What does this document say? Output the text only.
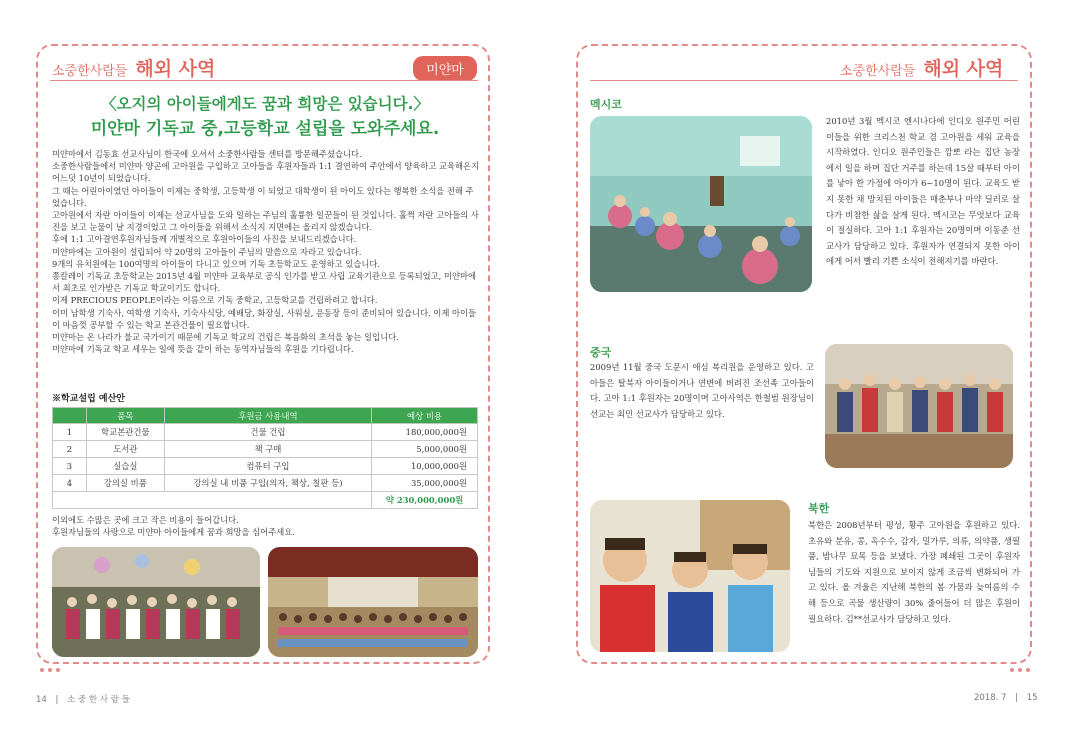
소중한사람들 해외 사역	미얀마
〈오지의 아이들에게도 꿈과 희망은 있습니다.〉
미얀마 기독교 중,고등학교 설립을 도와주세요.
미얀마에서 김동효 선교사님이 한국에 오셔서 소중한사람들 센터를 방문해주셨습니다.
소중한사람들에서 미얀마 양곤에 고아원을 구입하고 고아들을 후원자들과 1:1 결연하여 주안에서 양육하고 교육해온지 어느덧 10년이 되었습니다.
그 때는 어린아이였던 아이들이 이제는 중학생, 고등학생 이 되었고 대학생이 된 아이도 있다는 행복한 소식을 전해 주었습니다.
고아원에서 자란 아이들이 이제는 선교사님을 도와 일하는 주님의 훌륭한 일꾼들이 된 것입니다. 훌쩍 자란 고아들의 사진을 보고 눈물이 날 지경이었고 그 아이들을 위해서 소식지 지면에는 올리지 않겠습니다.
후에 1:1 고아결연후원자님들께 개별적으로 후원아이들의 사진을 보내드리겠습니다.
미얀마에는 고아원이 설립되어 약 20명의 고아들이 주님의 말씀으로 자라고 있습니다.
9개의 유치원에는 100여명의 아이들이 다니고 있으며 기독 초등학교도 운영하고 있습니다.
쫑칼레이 기독교 초등학교는 2015년 4월 미얀마 교육부로 공식 인가를 받고 사립 교육기관으로 등록되었고, 미얀마에서 최초로 인가받은 기독교 학교이기도 합니다.
이제 PRECIOUS PEOPLE이라는 이름으로 기독 중학교, 고등학교를 건립하려고 합니다.
이미 남학생 기숙사, 여학생 기숙사, 기숙사식당, 예배당, 화장실, 사워실, 운동장 등이 준비되어 있습니다. 이제 아이들이 마음껏 공부할 수 있는 학교 본관건물이 필요합니다.
미얀마는 온 나라가 불교 국가이기 때문에 기독교 학교의 건립은 복음화의 초석을 놓는 일입니다.
미얀마에 기독교 학교 세우는 일에 뜻을 같이 하는 동역자님들의 후원을 기다립니다.
※학교설립 예산안
	품목	후원금 사용내역	예상 비용
1	학교본관건물	건물 건립	180,000,000원
2	도서관	책 구매	5,000,000원
3	실습실	컴퓨터 구입	10,000,000원
4	강의실 비품	강의실 내 비품 구입(의자, 책상, 칠판 등)	35,000,000원
			약 230,000,000원
이외에도 수많은 곳에 크고 작은 비용이 들어갑니다.
후원자님들의 사랑으로 미얀마 아이들에게 꿈과 희망을 심어주세요.
소중한사람들 해외 사역
멕시코
2010년 3월 멕시코 엔시나다에 인디오 원주민 어린이들을 위한 크리스천 학교 겸 고아원을 세워 교육을 시작하였다. 인디오 원주민들은 깜뽀 라는 집단 농장에서 일을 하며 집단 거주를 하는데 15살 때부터 아이를 낳아 한 가정에 아이가 6~10명이 된다. 교육도 받지 못한 채 방치된 아이들은 매춘부나 마약 딜러로 살다가 비참한 삶을 살게 된다. 멕시코는 무엇보다 교육이 절실하다. 고아 1:1 후원자는 20명이며 이동준 선교사가 담당하고 있다. 후원자가 연결되지 못한 아이에게 어서 빨리 기쁜 소식이 전해지기를 바란다.
중국
2009년 11월 중국 도문시 애심 복리원을 운영하고 있다. 고아들은 탈북자 아이들이거나 연변에 버려진 조선족 고아들이다. 고아 1:1 후원자는 20명이며 고아사역은 한철범 원장님이 선교는 최민 선교사가 담당하고 있다.
북한
북한은 2008년부터 평성, 황주 고아원을 후원하고 있다. 초유와 분유, 콩, 옥수수, 감자, 밀가루, 의류, 의약품, 생필품, 밤나무 묘목 등을 보냈다. 가장 폐쇄된 그곳이 후원자님들의 기도와 지원으로 보이지 않게 조금씩 변화되어 가고 있다. 올 겨울은 지난해 북한의 봄 가뭄과 늦여름의 수해 등으로 곡물 생산량이 30% 줄어들어 더 많은 후원이 필요하다. 김**선교사가 담당하고 있다.
14 | 소 중 한 사 람 들	2018. 7 | 15
